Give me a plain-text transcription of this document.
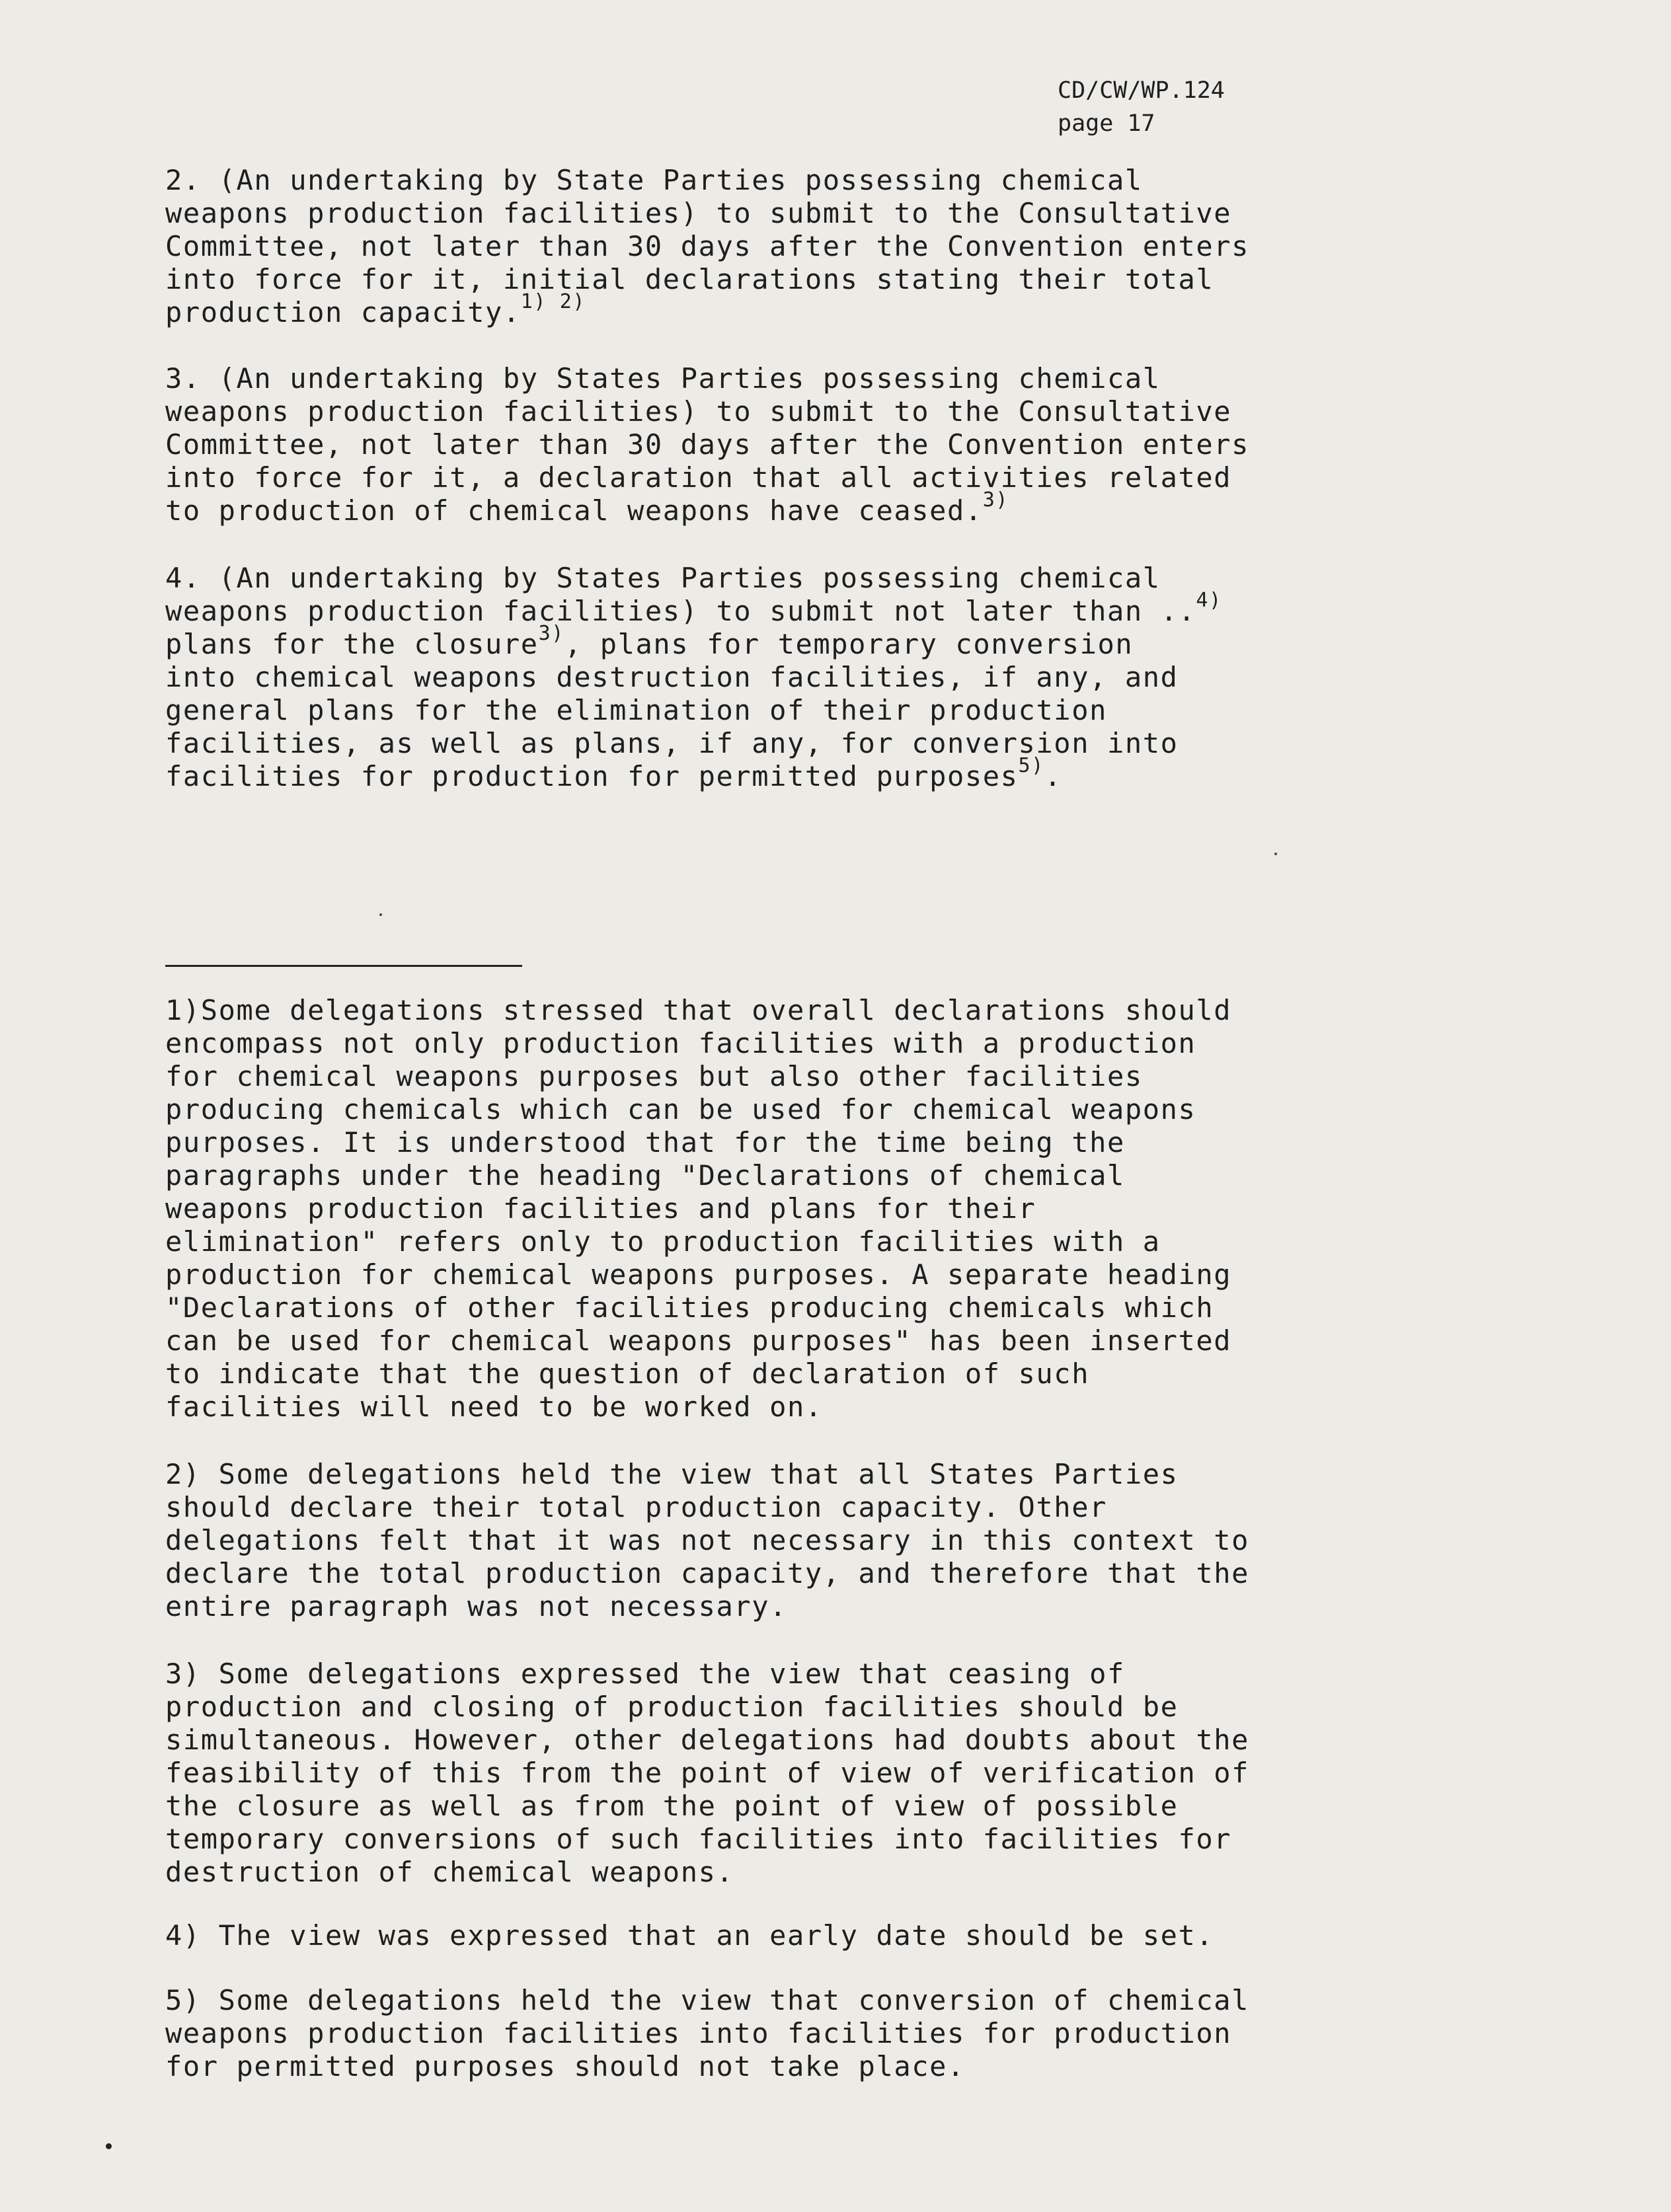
CD/CW/WP.124
page 17

2. (An undertaking by State Parties possessing chemical
weapons production facilities) to submit to the Consultative
Committee, not later than 30 days after the Convention enters
into force for it, initial declarations stating their total
production capacity.$^{1) 2)}$

3. (An undertaking by States Parties possessing chemical
weapons production facilities) to submit to the Consultative
Committee, not later than 30 days after the Convention enters
into force for it, a declaration that all activities related
to production of chemical weapons have ceased.$^{3)}$

4. (An undertaking by States Parties possessing chemical
weapons production facilities) to submit not later than ..$^{4)}$
plans for the closure$^{3)}$, plans for temporary conversion
into chemical weapons destruction facilities, if any, and
general plans for the elimination of their production
facilities, as well as plans, if any, for conversion into
facilities for production for permitted purposes$^{5)}$.

1)Some delegations stressed that overall declarations should
encompass not only production facilities with a production
for chemical weapons purposes but also other facilities
producing chemicals which can be used for chemical weapons
purposes. It is understood that for the time being the
paragraphs under the heading "Declarations of chemical
weapons production facilities and plans for their
elimination" refers only to production facilities with a
production for chemical weapons purposes. A separate heading
"Declarations of other facilities producing chemicals which
can be used for chemical weapons purposes" has been inserted
to indicate that the question of declaration of such
facilities will need to be worked on.

2) Some delegations held the view that all States Parties
should declare their total production capacity. Other
delegations felt that it was not necessary in this context to
declare the total production capacity, and therefore that the
entire paragraph was not necessary.

3) Some delegations expressed the view that ceasing of
production and closing of production facilities should be
simultaneous. However, other delegations had doubts about the
feasibility of this from the point of view of verification of
the closure as well as from the point of view of possible
temporary conversions of such facilities into facilities for
destruction of chemical weapons.

4) The view was expressed that an early date should be set.

5) Some delegations held the view that conversion of chemical
weapons production facilities into facilities for production
for permitted purposes should not take place.
